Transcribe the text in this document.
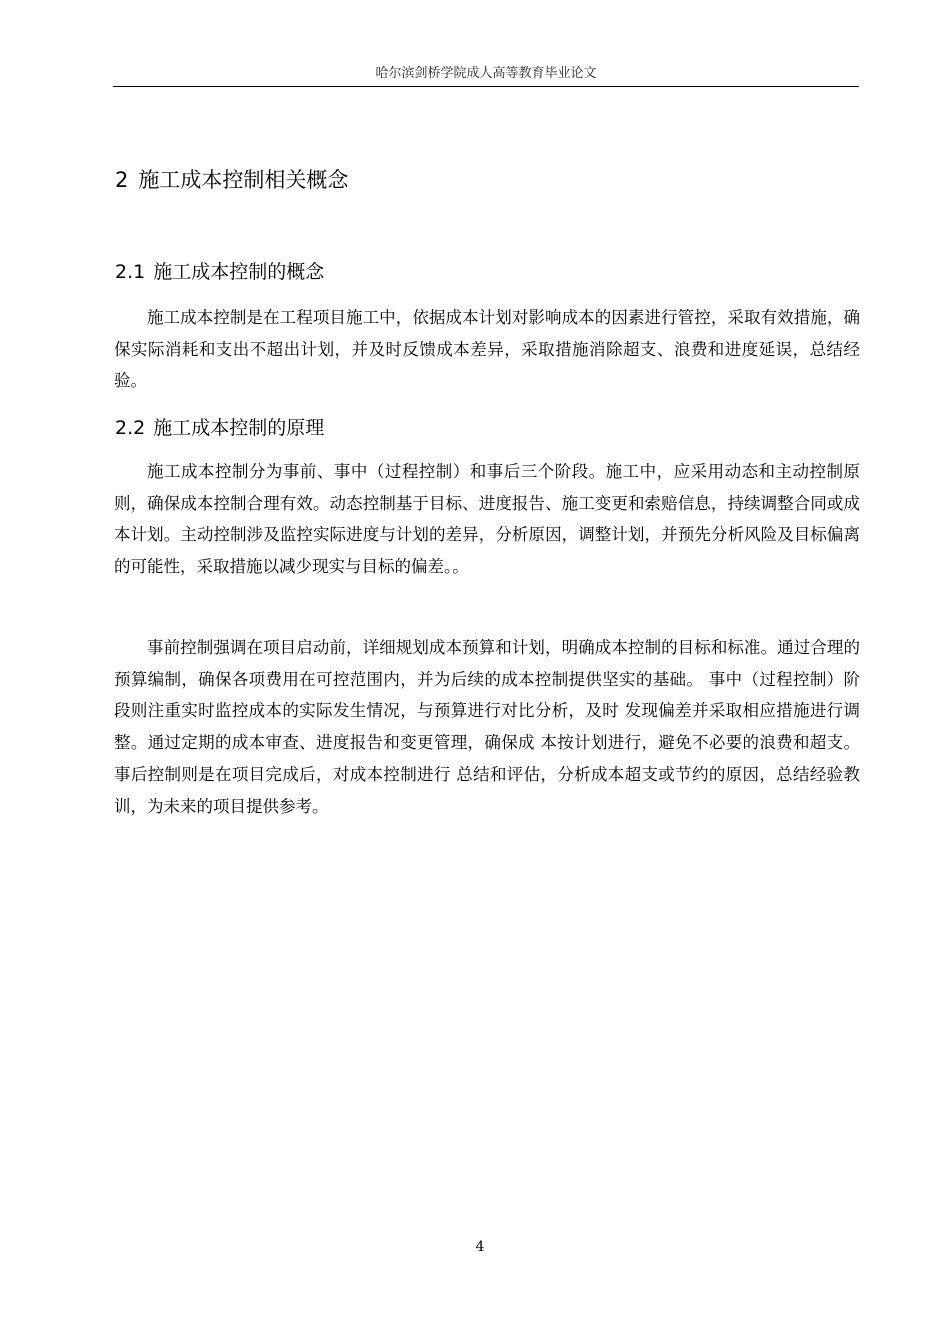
哈尔滨剑桥学院成人高等教育毕业论文
2 施工成本控制相关概念
2.1 施工成本控制的概念

施工成本控制是在工程项目施工中，依据成本计划对影响成本的因素进行管控，采取有效措施，确保实际消耗和支出不超出计划，并及时反馈成本差异，采取措施消除超支、浪费和进度延误，总结经验。

2.2 施工成本控制的原理

施工成本控制分为事前、事中（过程控制）和事后三个阶段。施工中，应采用动态和主动控制原则，确保成本控制合理有效。动态控制基于目标、进度报告、施工变更和索赔信息，持续调整合同或成本计划。主动控制涉及监控实际进度与计划的差异，分析原因，调整计划，并预先分析风险及目标偏离的可能性，采取措施以减少现实与目标的偏差。。

事前控制强调在项目启动前，详细规划成本预算和计划，明确成本控制的目标和标准。通过合理的预算编制，确保各项费用在可控范围内，并为后续的成本控制提供坚实的基础。 事中（过程控制）阶段则注重实时监控成本的实际发生情况，与预算进行对比分析，及时 发现偏差并采取相应措施进行调整。通过定期的成本审查、进度报告和变更管理，确保成 本按计划进行，避免不必要的浪费和超支。事后控制则是在项目完成后，对成本控制进行 总结和评估，分析成本超支或节约的原因，总结经验教训，为未来的项目提供参考。

4
